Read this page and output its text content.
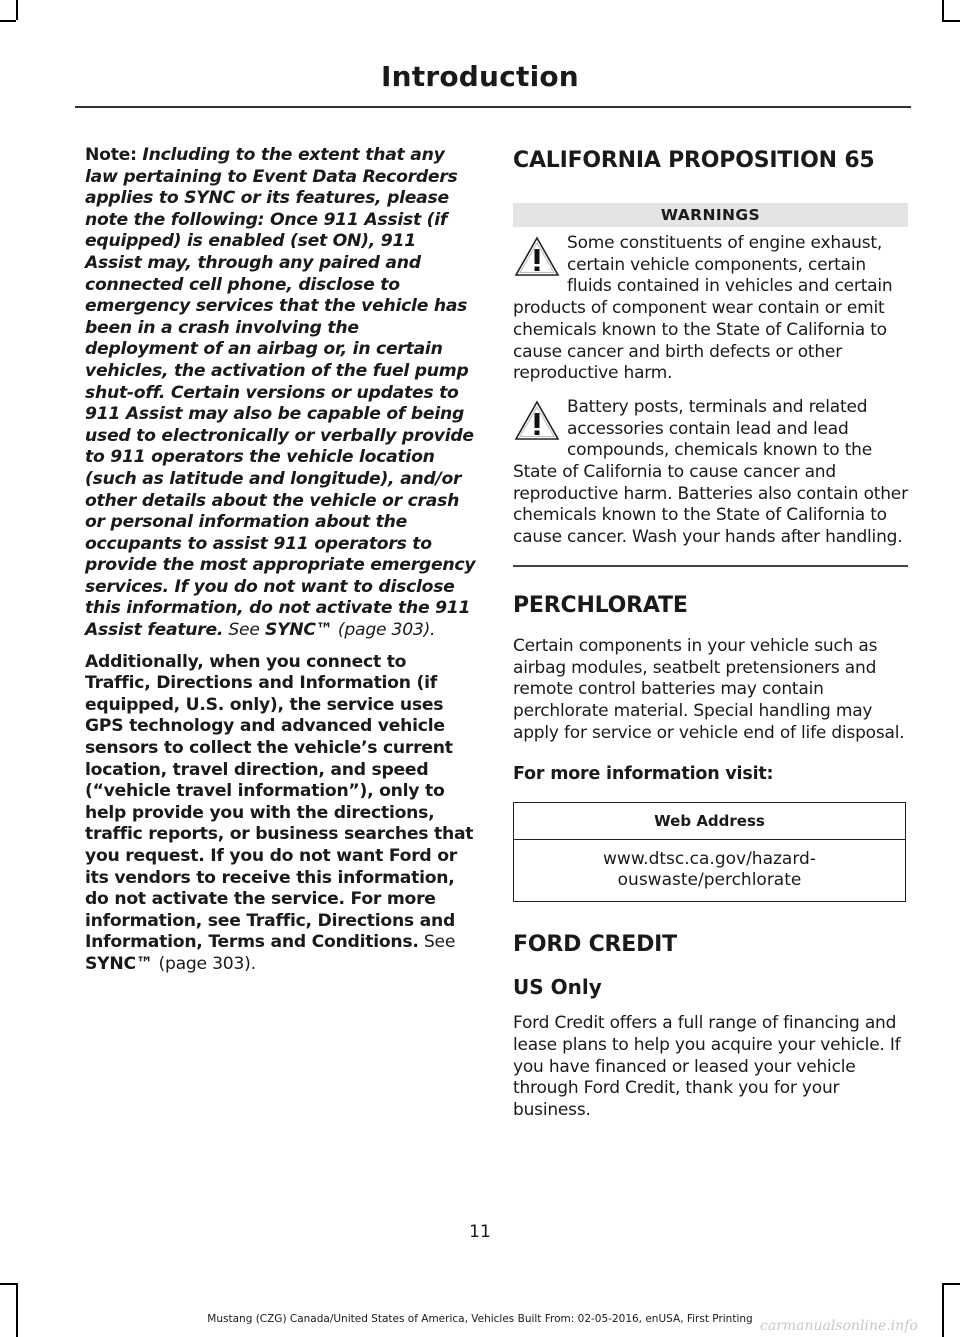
Introduction

Note: Including to the extent that any law pertaining to Event Data Recorders applies to SYNC or its features, please note the following: Once 911 Assist (if equipped) is enabled (set ON), 911 Assist may, through any paired and connected cell phone, disclose to emergency services that the vehicle has been in a crash involving the deployment of an airbag or, in certain vehicles, the activation of the fuel pump shut-off. Certain versions or updates to 911 Assist may also be capable of being used to electronically or verbally provide to 911 operators the vehicle location (such as latitude and longitude), and/or other details about the vehicle or crash or personal information about the occupants to assist 911 operators to provide the most appropriate emergency services. If you do not want to disclose this information, do not activate the 911 Assist feature. See SYNC™ (page 303).

Additionally, when you connect to Traffic, Directions and Information (if equipped, U.S. only), the service uses GPS technology and advanced vehicle sensors to collect the vehicle’s current location, travel direction, and speed (“vehicle travel information”), only to help provide you with the directions, traffic reports, or business searches that you request. If you do not want Ford or its vendors to receive this information, do not activate the service. For more information, see Traffic, Directions and Information, Terms and Conditions. See SYNC™ (page 303).

CALIFORNIA PROPOSITION 65
WARNINGS

Some constituents of engine exhaust, certain vehicle components, certain fluids contained in vehicles and certain products of component wear contain or emit chemicals known to the State of California to cause cancer and birth defects or other reproductive harm.

Battery posts, terminals and related accessories contain lead and lead compounds, chemicals known to the State of California to cause cancer and reproductive harm. Batteries also contain other chemicals known to the State of California to cause cancer. Wash your hands after handling.

PERCHLORATE

Certain components in your vehicle such as airbag modules, seatbelt pretensioners and remote control batteries may contain perchlorate material. Special handling may apply for service or vehicle end of life disposal.

For more information visit:

Web Address
www.dtsc.ca.gov/hazard-ouswaste/perchlorate
FORD CREDIT
US Only

Ford Credit offers a full range of financing and lease plans to help you acquire your vehicle. If you have financed or leased your vehicle through Ford Credit, thank you for your business.

11
Mustang (CZG) Canada/United States of America, Vehicles Built From: 02-05-2016, enUSA, First Printing carmanualsonline.info
